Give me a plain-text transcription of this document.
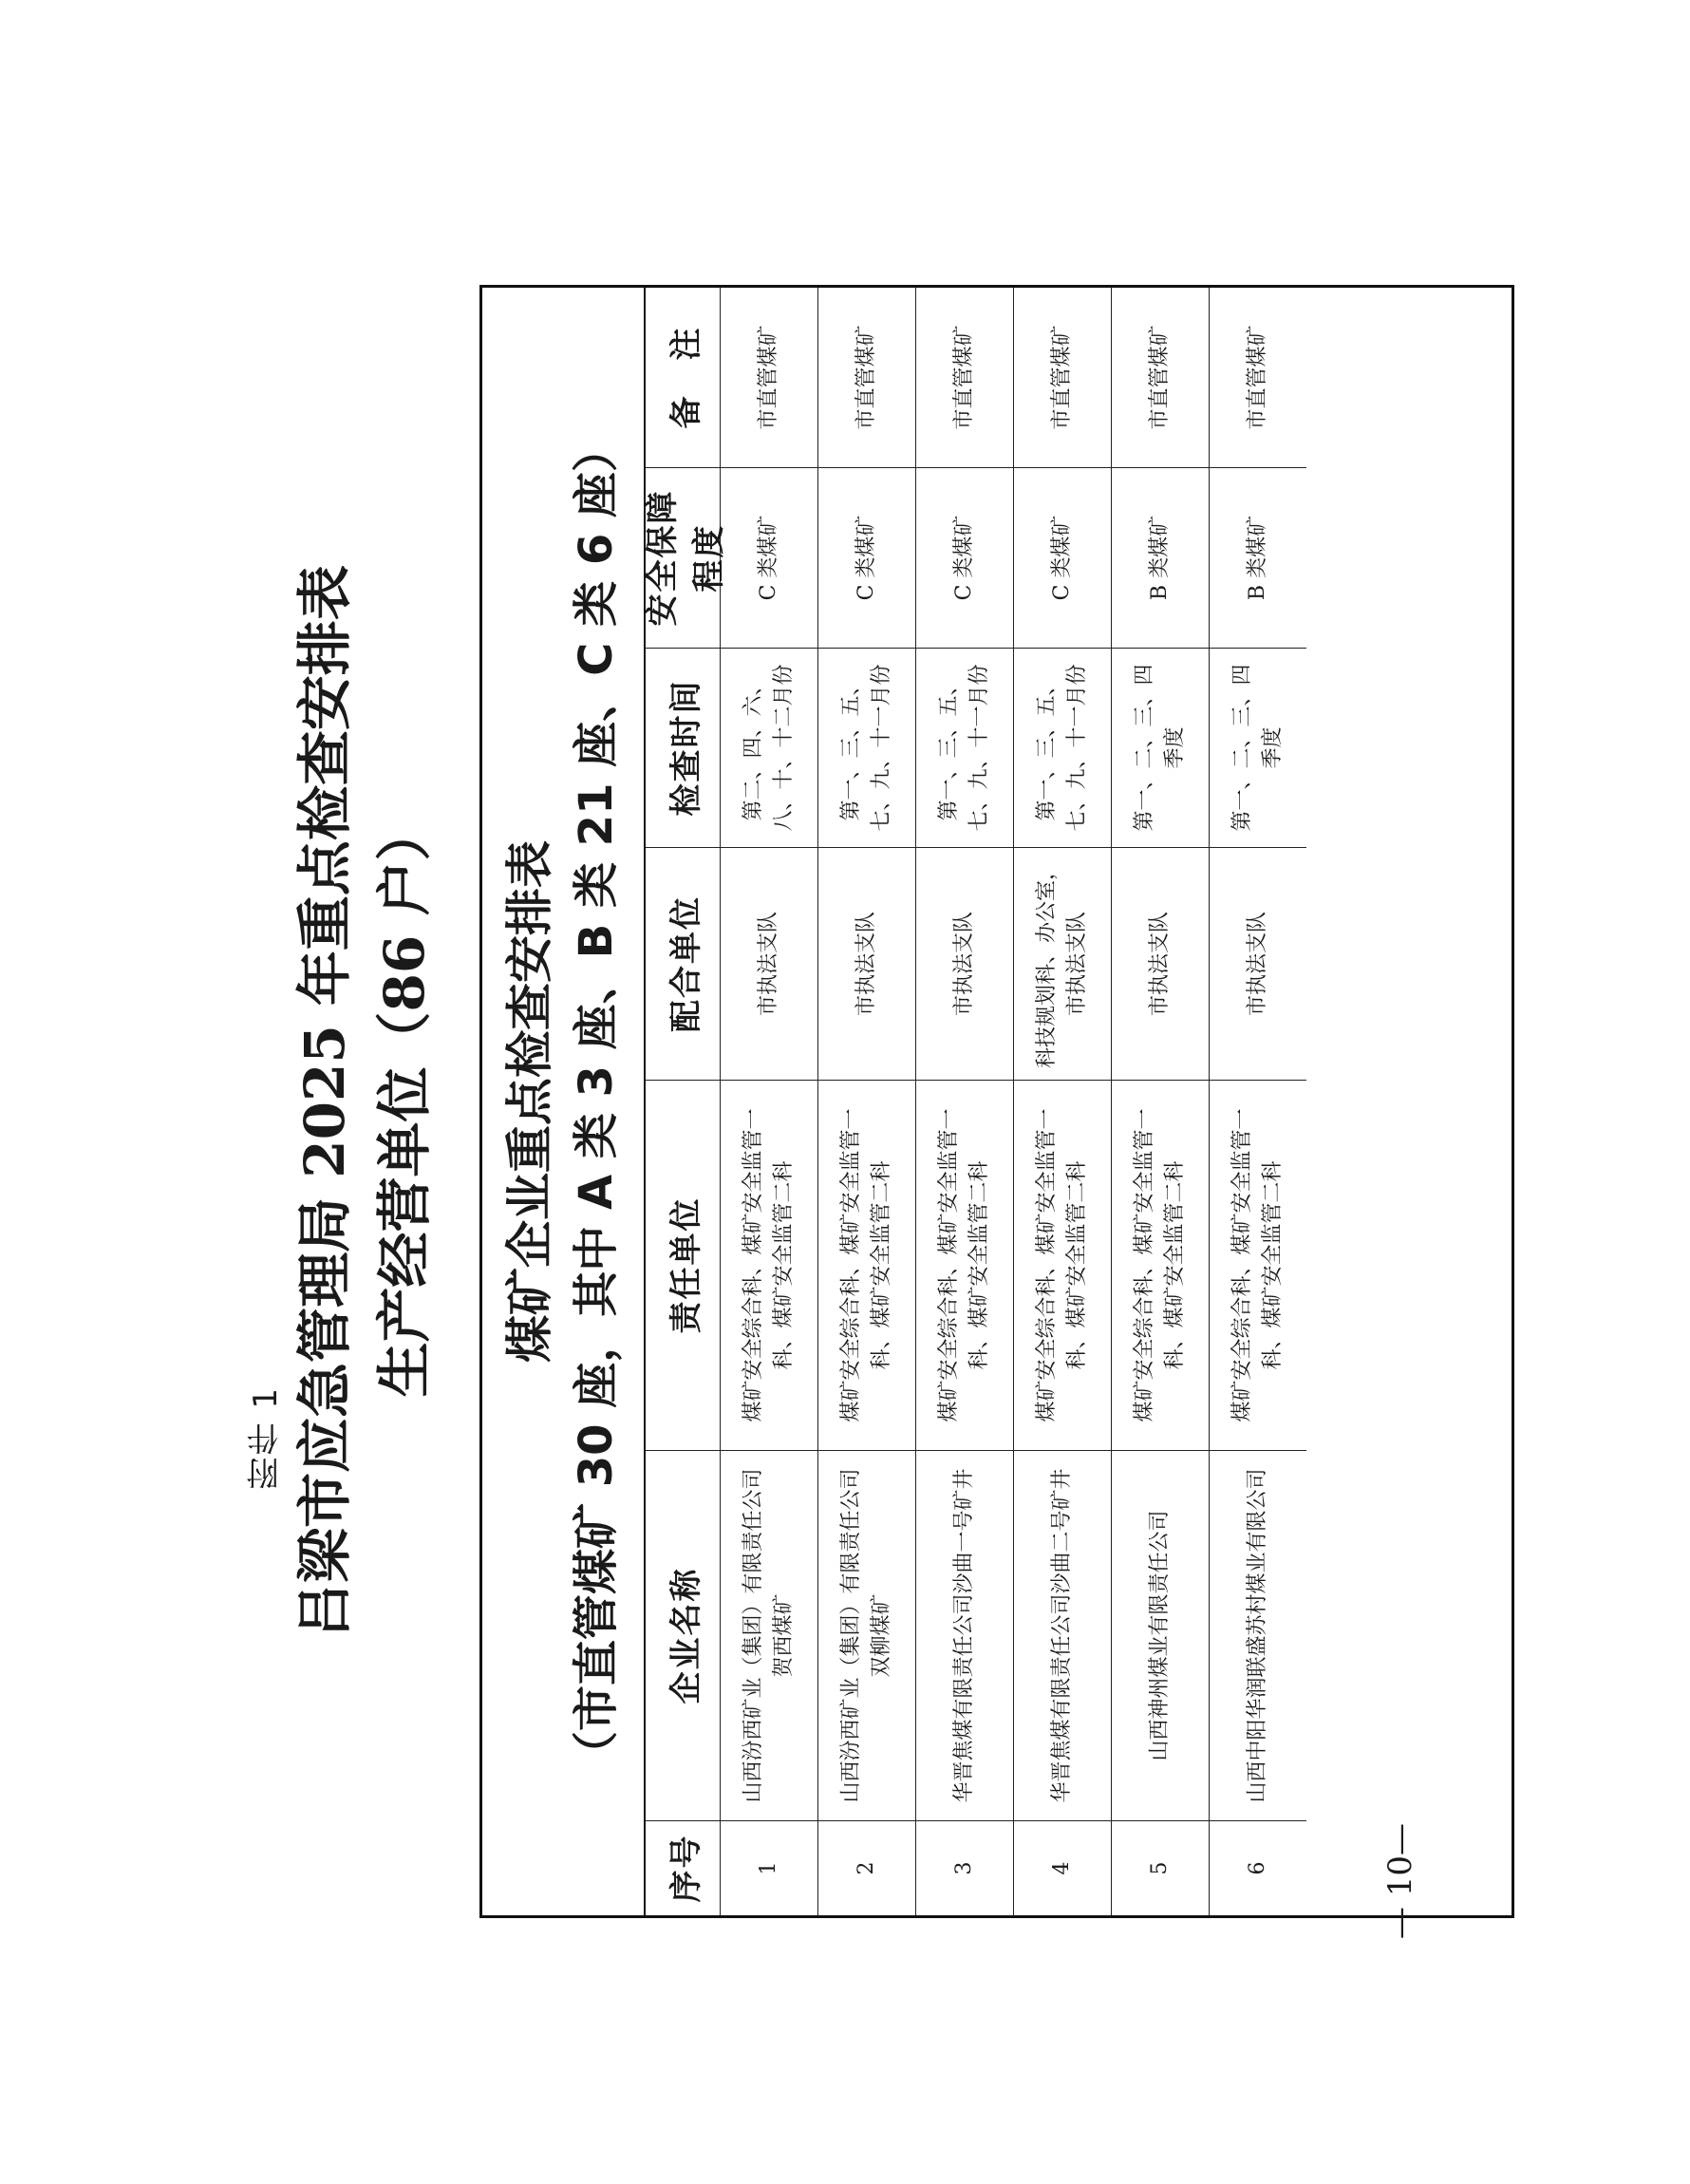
附件 1 吕梁市应急管理局 2025 年重点检查安排表 生产经营单位（86 户） 煤矿企业重点检查安排表 （市直管煤矿 30 座，其中 A 类 3 座、B 类 21 座、C 类 6 座）
序号
企业名称
责任单位
配合单位
检查时间
安全保障程度
备　注
1
山西汾西矿业（集团）有限责任公司贺西煤矿
煤矿安全综合科、煤矿安全监管一科、煤矿安全监管二科
市执法支队
第二、四、六、八、十、十二月份
C 类煤矿
市直管煤矿
2
山西汾西矿业（集团）有限责任公司双柳煤矿
煤矿安全综合科、煤矿安全监管一科、煤矿安全监管二科
市执法支队
第一、三、五、七、九、十一月份
C 类煤矿
市直管煤矿
3
华晋焦煤有限责任公司沙曲一号矿井
煤矿安全综合科、煤矿安全监管一科、煤矿安全监管二科
市执法支队
第一、三、五、七、九、十一月份
C 类煤矿
市直管煤矿
4
华晋焦煤有限责任公司沙曲二号矿井
煤矿安全综合科、煤矿安全监管一科、煤矿安全监管二科
科技规划科、办公室，市执法支队
第一、三、五、七、九、十一月份
C 类煤矿
市直管煤矿
5
山西神州煤业有限责任公司
煤矿安全综合科、煤矿安全监管一科、煤矿安全监管二科
市执法支队
第一、二、三、四季度
B 类煤矿
市直管煤矿
6
山西中阳华润联盛苏村煤业有限公司
煤矿安全综合科、煤矿安全监管一科、煤矿安全监管二科
市执法支队
第一、二、三、四季度
B 类煤矿
市直管煤矿
— 10—
